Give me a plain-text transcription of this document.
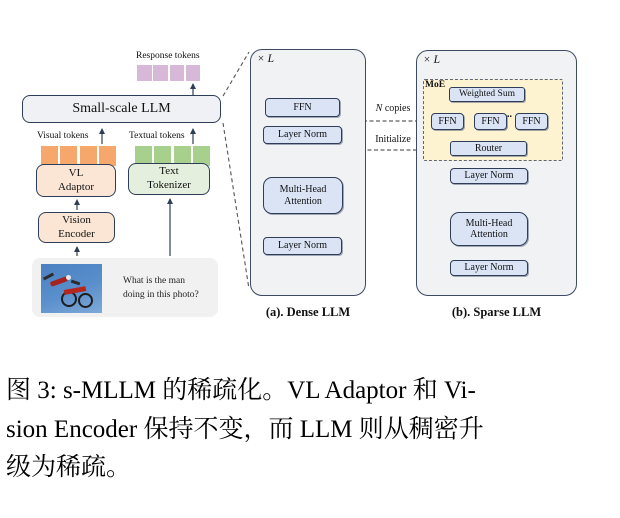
Response tokens
Small-scale LLM
Visual tokens	Textual tokens
VL
Adaptor
Text
Tokenizer
Vision
Encoder
What is the man
doing in this photo?
× L
FFN
Layer Norm
Multi-Head
Attention
Layer Norm
(a). Dense LLM
N copies
Initialize
× L
MoE
Weighted Sum
FFN FFN
..
FFN
Router
Layer Norm
Multi-Head
Attention
Layer Norm
(b). Sparse LLM
图 3: s-MLLM 的稀疏化。VL Adaptor 和 Vi-
sion Encoder 保持不变，而 LLM 则从稠密升
级为稀疏。
